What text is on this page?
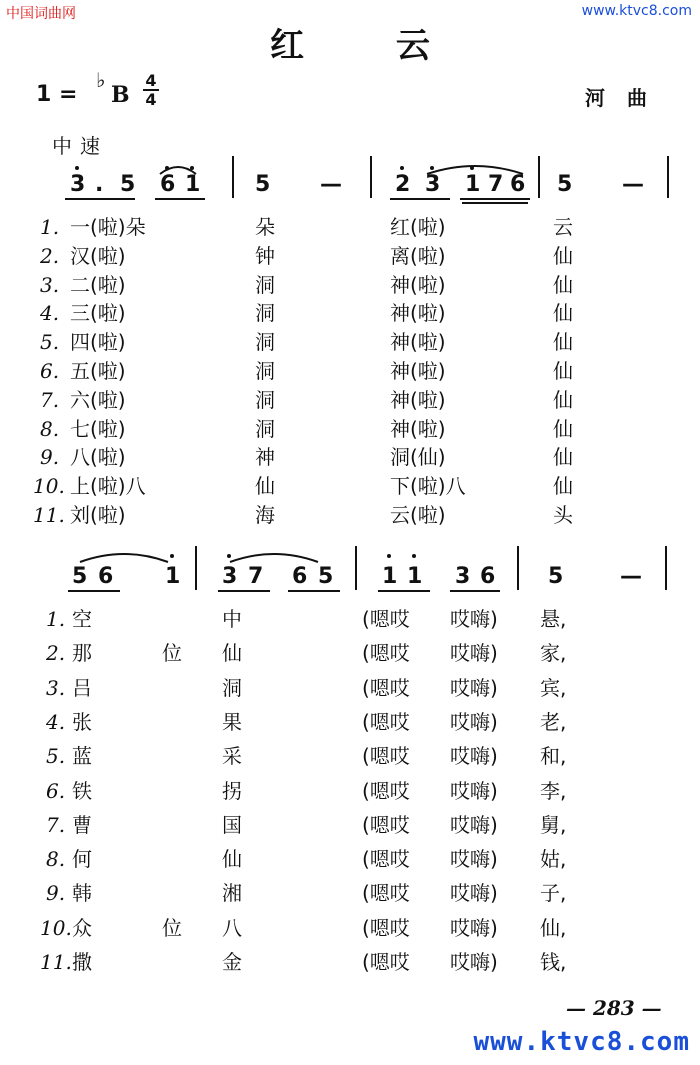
中国词曲网	www.ktvc8.com
红 云
1 =
♭
B
4
4	河曲
中速
3 . 5 6 1 5 — 2 3 1 7 6 5 —
1. 一(啦)朵	朵	红(啦)	云
2. 汉(啦)	钟	离(啦)	仙
3. 二(啦)	洞	神(啦)	仙
4. 三(啦)	洞	神(啦)	仙
5. 四(啦)	洞	神(啦)	仙
6. 五(啦)	洞	神(啦)	仙
7. 六(啦)	洞	神(啦)	仙
8. 七(啦)	洞	神(啦)	仙
9. 八(啦)	神	洞(仙)	仙
10. 上(啦)八	仙	下(啦)八	仙
11. 刘(啦)	海	云(啦)	头
5 6 1 3 7 6 5 1 1 3 6 5	—
1. 空	中	(嗯哎 哎嗨) 悬,
2. 那	位 仙	(嗯哎 哎嗨) 家,
3. 吕	洞	(嗯哎 哎嗨) 宾,
4. 张	果	(嗯哎 哎嗨) 老,
5. 蓝	采	(嗯哎 哎嗨) 和,
6. 铁	拐	(嗯哎 哎嗨) 李,
7. 曹	国	(嗯哎 哎嗨) 舅,
8. 何	仙	(嗯哎 哎嗨) 姑,
9. 韩	湘	(嗯哎 哎嗨) 子,
10. 众	位 八	(嗯哎 哎嗨) 仙,
11. 撒	金	(嗯哎 哎嗨) 钱,
— 283 —
www.ktvc8.com
